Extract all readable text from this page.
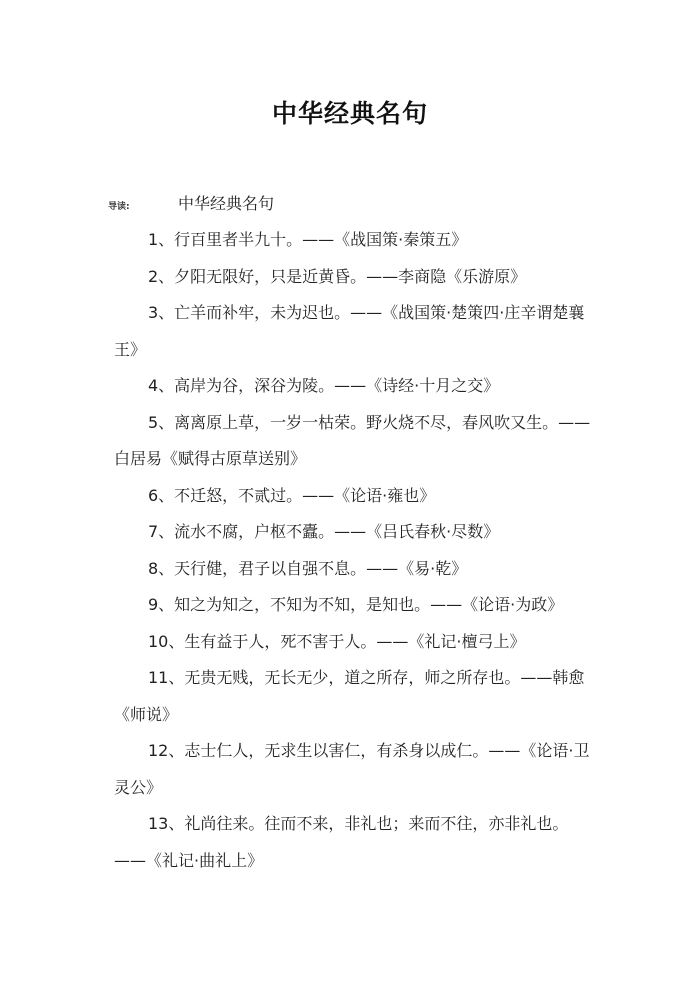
中华经典名句
导读:	中华经典名句
1、行百里者半九十。——《战国策·秦策五》
2、夕阳无限好，只是近黄昏。——李商隐《乐游原》
3、亡羊而补牢，未为迟也。——《战国策·楚策四·庄辛谓楚襄王》
4、高岸为谷，深谷为陵。——《诗经·十月之交》
5、离离原上草，一岁一枯荣。野火烧不尽，春风吹又生。——白居易《赋得古原草送别》
6、不迁怒，不贰过。——《论语·雍也》
7、流水不腐，户枢不蠹。——《吕氏春秋·尽数》
8、天行健，君子以自强不息。——《易·乾》
9、知之为知之，不知为不知，是知也。——《论语·为政》
10、生有益于人，死不害于人。——《礼记·檀弓上》
11、无贵无贱，无长无少，道之所存，师之所存也。——韩愈《师说》
12、志士仁人，无求生以害仁，有杀身以成仁。——《论语·卫灵公》
13、礼尚往来。往而不来，非礼也；来而不往，亦非礼也。——《礼记·曲礼上》
